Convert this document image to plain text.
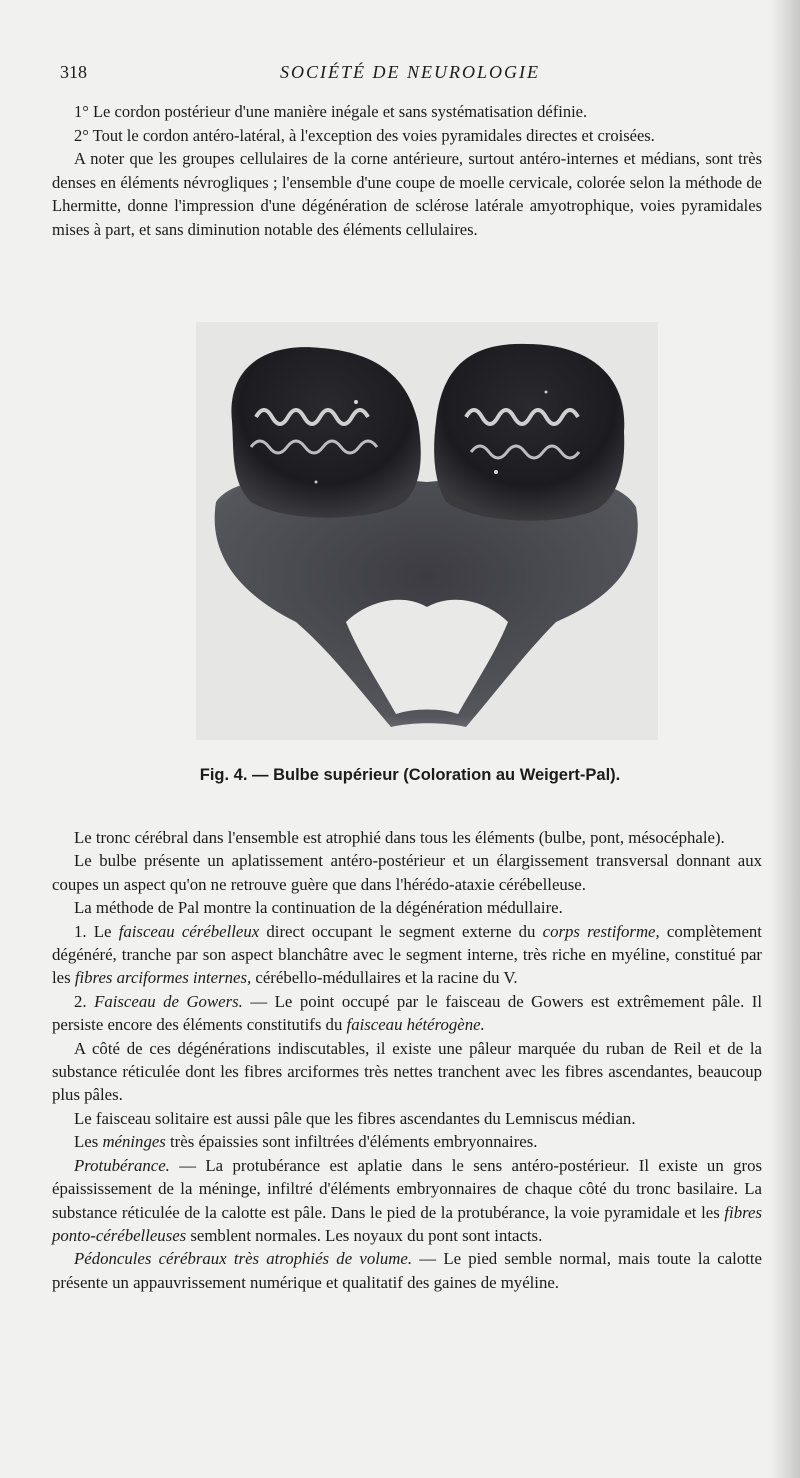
318	SOCIÉTÉ DE NEUROLOGIE

1° Le cordon postérieur d'une manière inégale et sans systématisation définie.

2° Tout le cordon antéro-latéral, à l'exception des voies pyramidales directes et croisées.

A noter que les groupes cellulaires de la corne antérieure, surtout antéro-internes et médians, sont très denses en éléments névrogliques ; l'ensemble d'une coupe de moelle cervicale, colorée selon la méthode de Lhermitte, donne l'impression d'une dégénération de sclérose latérale amyotrophique, voies pyramidales mises à part, et sans diminution notable des éléments cellulaires.

Fig. 4. — Bulbe supérieur (Coloration au Weigert-Pal).

Le tronc cérébral dans l'ensemble est atrophié dans tous les éléments (bulbe, pont, mésocéphale).

Le bulbe présente un aplatissement antéro-postérieur et un élargissement transversal donnant aux coupes un aspect qu'on ne retrouve guère que dans l'hérédo-ataxie cérébelleuse.

La méthode de Pal montre la continuation de la dégénération médullaire.

1. Le faisceau cérébelleux direct occupant le segment externe du corps restiforme, complètement dégénéré, tranche par son aspect blanchâtre avec le segment interne, très riche en myéline, constitué par les fibres arciformes internes, cérébello-médullaires et la racine du V.

2. Faisceau de Gowers. — Le point occupé par le faisceau de Gowers est extrêmement pâle. Il persiste encore des éléments constitutifs du faisceau hétérogène.

A côté de ces dégénérations indiscutables, il existe une pâleur marquée du ruban de Reil et de la substance réticulée dont les fibres arciformes très nettes tranchent avec les fibres ascendantes, beaucoup plus pâles.

Le faisceau solitaire est aussi pâle que les fibres ascendantes du Lemniscus médian.

Les méninges très épaissies sont infiltrées d'éléments embryonnaires.

Protubérance. — La protubérance est aplatie dans le sens antéro-postérieur. Il existe un gros épaississement de la méninge, infiltré d'éléments embryonnaires de chaque côté du tronc basilaire. La substance réticulée de la calotte est pâle. Dans le pied de la protubérance, la voie pyramidale et les fibres ponto-cérébelleuses semblent normales. Les noyaux du pont sont intacts.

Pédoncules cérébraux très atrophiés de volume. — Le pied semble normal, mais toute la calotte présente un appauvrissement numérique et qualitatif des gaines de myéline.
